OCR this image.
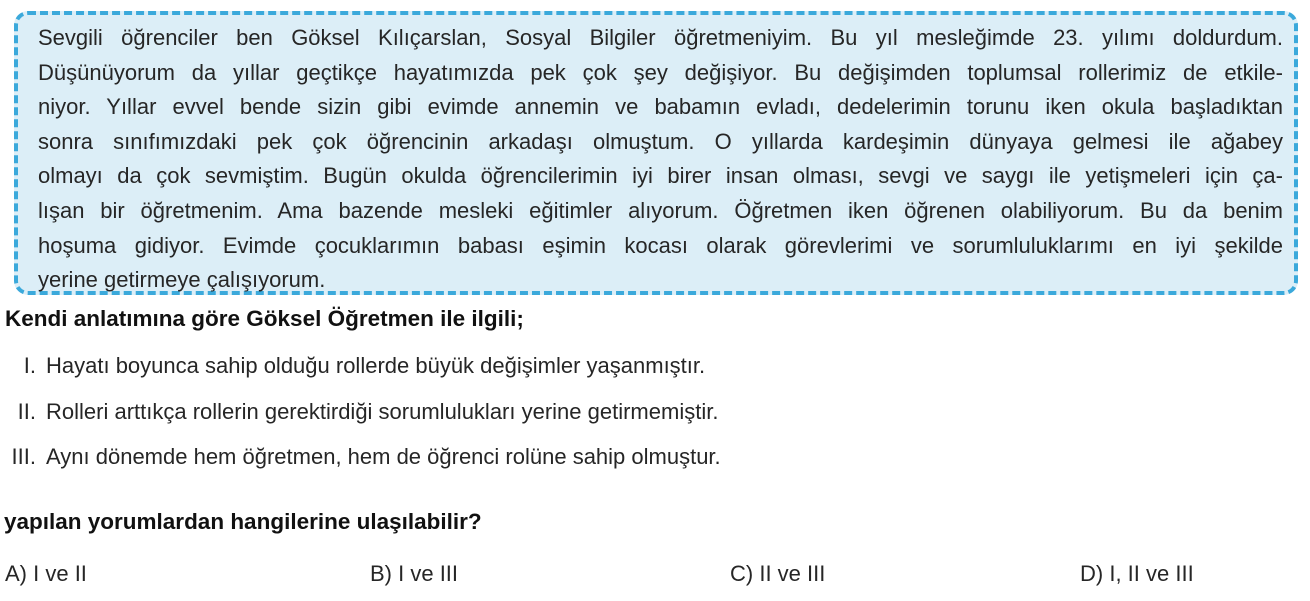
Sevgili öğrenciler ben Göksel Kılıçarslan, Sosyal Bilgiler öğretmeniyim. Bu yıl mesleğimde 23. yılımı doldurdum.
Düşünüyorum da yıllar geçtikçe hayatımızda pek çok şey değişiyor. Bu değişimden toplumsal rollerimiz de etkile-
niyor. Yıllar evvel bende sizin gibi evimde annemin ve babamın evladı, dedelerimin torunu iken okula başladıktan
sonra sınıfımızdaki pek çok öğrencinin arkadaşı olmuştum. O yıllarda kardeşimin dünyaya gelmesi ile ağabey
olmayı da çok sevmiştim. Bugün okulda öğrencilerimin iyi birer insan olması, sevgi ve saygı ile yetişmeleri için ça-
lışan bir öğretmenim. Ama bazende mesleki eğitimler alıyorum. Öğretmen iken öğrenen olabiliyorum. Bu da benim
hoşuma gidiyor. Evimde çocuklarımın babası eşimin kocası olarak görevlerimi ve sorumluluklarımı en iyi şekilde
yerine getirmeye çalışıyorum.
Kendi anlatımına göre Göksel Öğretmen ile ilgili;
I. Hayatı boyunca sahip olduğu rollerde büyük değişimler yaşanmıştır.
II. Rolleri arttıkça rollerin gerektirdiği sorumlulukları yerine getirmemiştir.
III. Aynı dönemde hem öğretmen, hem de öğrenci rolüne sahip olmuştur.
yapılan yorumlardan hangilerine ulaşılabilir?
A) I ve II	B) I ve III	C) II ve III	D) I, II ve III
